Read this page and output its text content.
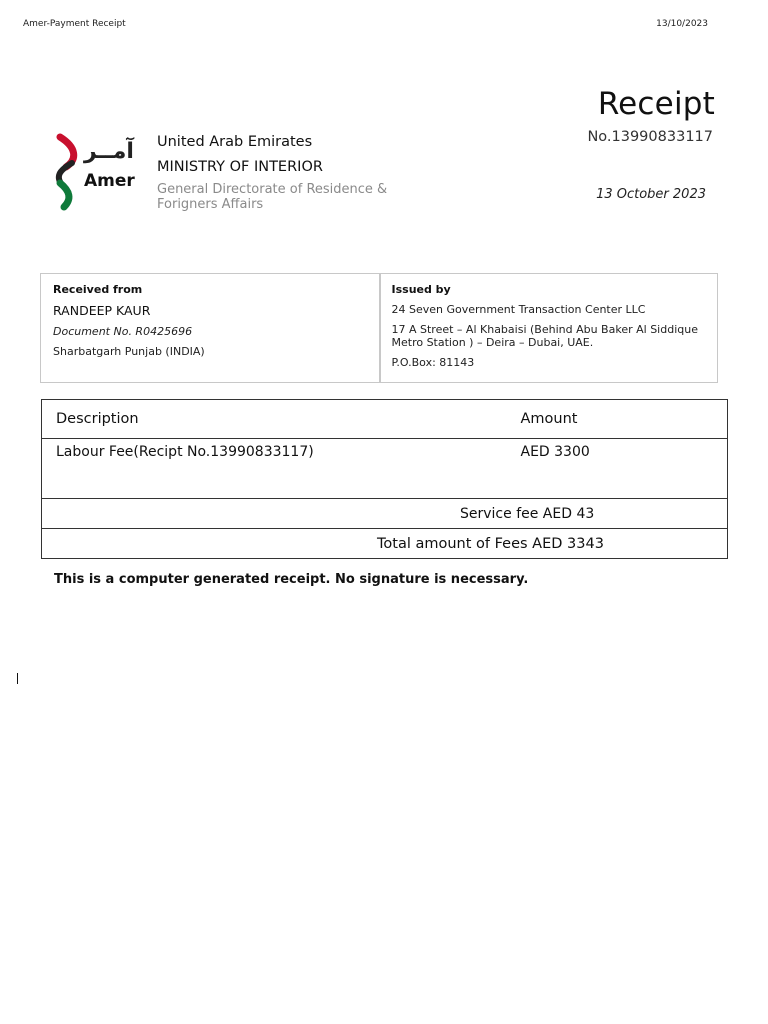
Amer-Payment Receipt	13/10/2023
Receipt
No.13990833117
13 October 2023
آمــر
Amer
United Arab Emirates
MINISTRY OF INTERIOR
General Directorate of Residence & Forigners Affairs
Received from
RANDEEP KAUR
Document No. R0425696
Sharbatgarh Punjab (INDIA)
Issued by
24 Seven Government Transaction Center LLC
17 A Street – Al Khabaisi (Behind Abu Baker Al Siddique Metro Station ) – Deira – Dubai, UAE.
P.O.Box: 81143
Description	Amount
Labour Fee(Recipt No.13990833117)	AED 3300
Service fee AED 43	
Total amount of Fees AED 3343	
This is a computer generated receipt. No signature is necessary.
